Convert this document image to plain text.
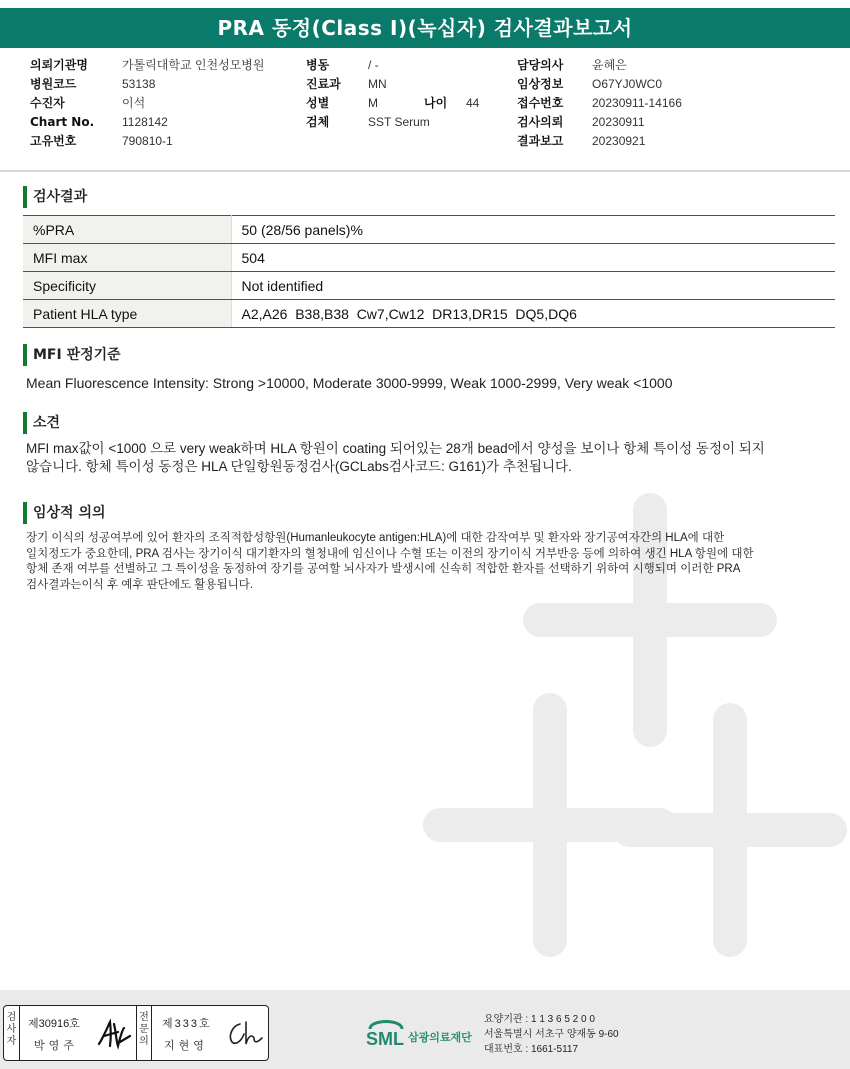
PRA 동정(Class I)(녹십자) 검사결과보고서
의뢰기관명	가톨릭대학교 인천성모병원
병원코드	53138
수진자	이석
Chart No. 1128142
고유번호	790810-1
병동	/ -
진료과 MN
성별	M	나이 44
검체	SST Serum
담당의사 윤혜은
임상정보 O67YJ0WC0
접수번호 20230911-14166
검사의뢰 20230911
결과보고 20230921
검사결과
%PRA	50 (28/56 panels)%
MFI max	504
Specificity	Not identified
Patient HLA type	A2,A26  B38,B38  Cw7,Cw12  DR13,DR15  DQ5,DQ6
MFI 판정기준
Mean Fluorescence Intensity: Strong >10000, Moderate 3000-9999, Weak 1000-2999, Very weak <1000
소견
MFI max값이 <1000 으로 very weak하며 HLA 항원이 coating 되어있는 28개 bead에서 양성을 보이나 항체 특이성 동정이 되지
않습니다. 항체 특이성 동정은 HLA 단일항원동정검사(GCLabs검사코드: G161)가 추천됩니다.
임상적 의의
장기 이식의 성공여부에 있어 환자의 조직적합성항원(Humanleukocyte antigen:HLA)에 대한 감작여부 및 환자와 장기공여자간의 HLA에 대한
일치정도가 중요한데, PRA 검사는 장기이식 대기환자의 혈청내에 임신이나 수혈 또는 이전의 장기이식 거부반응 등에 의하여 생긴 HLA 항원에 대한
항체 존재 여부를 선별하고 그 특이성을 동정하여 장기를 공여할 뇌사자가 발생시에 신속히 적합한 환자를 선택하기 위하여 시행되며 이러한 PRA
검사결과는이식 후 예후 판단에도 활용됩니다.
검사자
제30916호
박영주
전문의
제333호
지현영	SML 삼광의료재단
요양기관 : 1 1 3 6 5 2 0 0
서울특별시 서초구 양재동 9-60
대표번호 : 1661-5117
